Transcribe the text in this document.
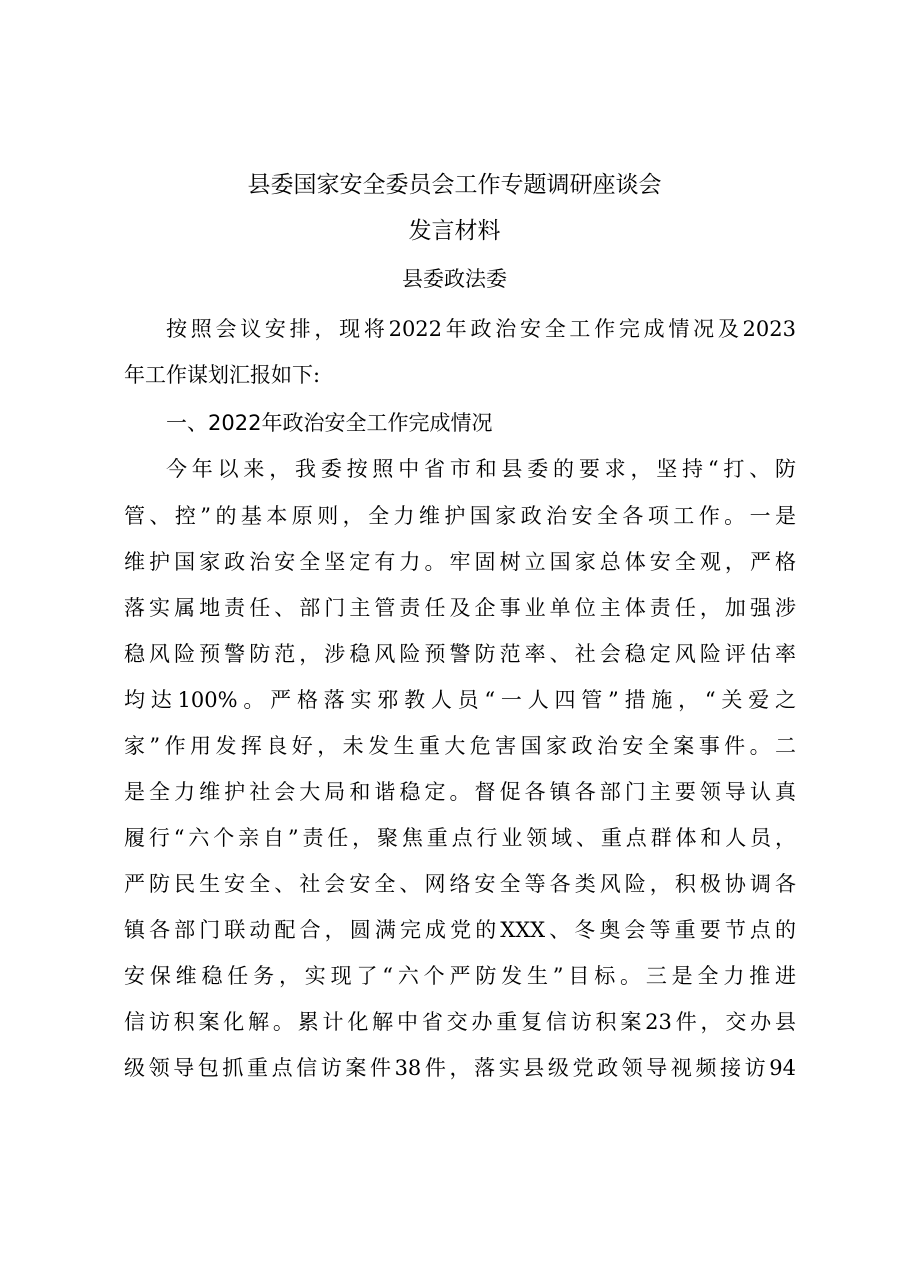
县委国家安全委员会工作专题调研座谈会
发言材料
县委政法委
按照会议安排，现将2022年政治安全工作完成情况及2023
年工作谋划汇报如下:
一、2022年政治安全工作完成情况
今年以来，我委按照中省市和县委的要求，坚持“打、防
管、控”的基本原则，全力维护国家政治安全各项工作。一是
维护国家政治安全坚定有力。牢固树立国家总体安全观，严格
落实属地责任、部门主管责任及企事业单位主体责任，加强涉
稳风险预警防范，涉稳风险预警防范率、社会稳定风险评估率
均达100%。严格落实邪教人员“一人四管”措施，“关爱之
家”作用发挥良好，未发生重大危害国家政治安全案事件。二
是全力维护社会大局和谐稳定。督促各镇各部门主要领导认真
履行“六个亲自”责任，聚焦重点行业领域、重点群体和人员，
严防民生安全、社会安全、网络安全等各类风险，积极协调各
镇各部门联动配合，圆满完成党的XXX、冬奥会等重要节点的
安保维稳任务，实现了“六个严防发生”目标。三是全力推进
信访积案化解。累计化解中省交办重复信访积案23件，交办县
级领导包抓重点信访案件38件，落实县级党政领导视频接访94
